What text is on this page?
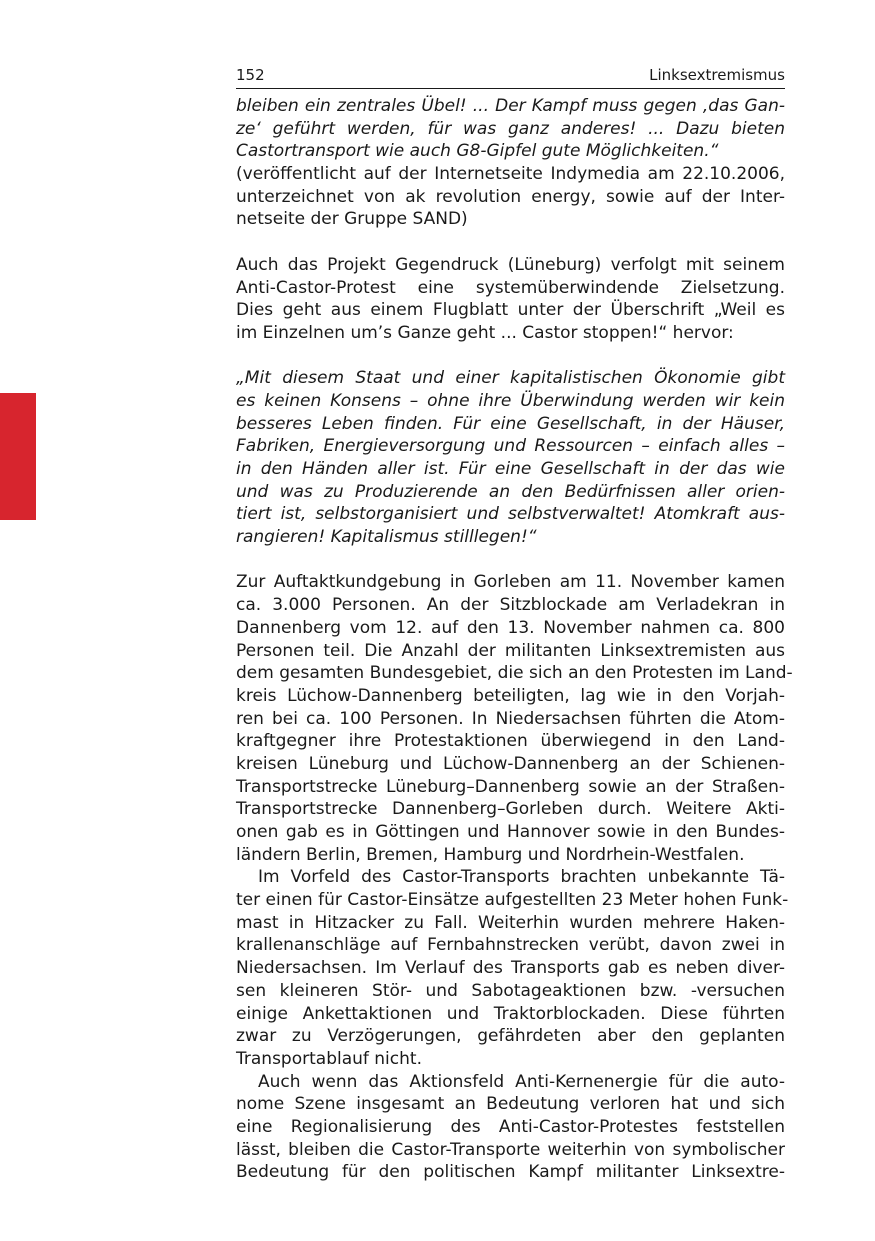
152	Linksextremismus
bleiben ein zentrales Übel! ... Der Kampf muss gegen ‚das Gan-
ze‘ geführt werden, für was ganz anderes! ... Dazu bieten
Castortransport wie auch G8-Gipfel gute Möglichkeiten.“
(veröffentlicht auf der Internetseite Indymedia am 22.10.2006,
unterzeichnet von ak revolution energy, sowie auf der Inter-
netseite der Gruppe SAND)
Auch das Projekt Gegendruck (Lüneburg) verfolgt mit seinem
Anti-Castor-Protest eine systemüberwindende Zielsetzung.
Dies geht aus einem Flugblatt unter der Überschrift „Weil es
im Einzelnen um’s Ganze geht ... Castor stoppen!“ hervor:
„Mit diesem Staat und einer kapitalistischen Ökonomie gibt
es keinen Konsens – ohne ihre Überwindung werden wir kein
besseres Leben finden. Für eine Gesellschaft, in der Häuser,
Fabriken, Energieversorgung und Ressourcen – einfach alles –
in den Händen aller ist. Für eine Gesellschaft in der das wie
und was zu Produzierende an den Bedürfnissen aller orien-
tiert ist, selbstorganisiert und selbstverwaltet! Atomkraft aus-
rangieren! Kapitalismus stilllegen!“
Zur Auftaktkundgebung in Gorleben am 11. November kamen
ca. 3.000 Personen. An der Sitzblockade am Verladekran in
Dannenberg vom 12. auf den 13. November nahmen ca. 800
Personen teil. Die Anzahl der militanten Linksextremisten aus
dem gesamten Bundesgebiet, die sich an den Protesten im Land-
kreis Lüchow-Dannenberg beteiligten, lag wie in den Vorjah-
ren bei ca. 100 Personen. In Niedersachsen führten die Atom-
kraftgegner ihre Protestaktionen überwiegend in den Land-
kreisen Lüneburg und Lüchow-Dannenberg an der Schienen-
Transportstrecke Lüneburg–Dannenberg sowie an der Straßen-
Transportstrecke Dannenberg–Gorleben durch. Weitere Akti-
onen gab es in Göttingen und Hannover sowie in den Bundes-
ländern Berlin, Bremen, Hamburg und Nordrhein-Westfalen.
Im Vorfeld des Castor-Transports brachten unbekannte Tä-
ter einen für Castor-Einsätze aufgestellten 23 Meter hohen Funk-
mast in Hitzacker zu Fall. Weiterhin wurden mehrere Haken-
krallenanschläge auf Fernbahnstrecken verübt, davon zwei in
Niedersachsen. Im Verlauf des Transports gab es neben diver-
sen kleineren Stör- und Sabotageaktionen bzw. -versuchen
einige Ankettaktionen und Traktorblockaden. Diese führten
zwar zu Verzögerungen, gefährdeten aber den geplanten
Transportablauf nicht.
Auch wenn das Aktionsfeld Anti-Kernenergie für die auto-
nome Szene insgesamt an Bedeutung verloren hat und sich
eine Regionalisierung des Anti-Castor-Protestes feststellen
lässt, bleiben die Castor-Transporte weiterhin von symbolischer
Bedeutung für den politischen Kampf militanter Linksextre-
